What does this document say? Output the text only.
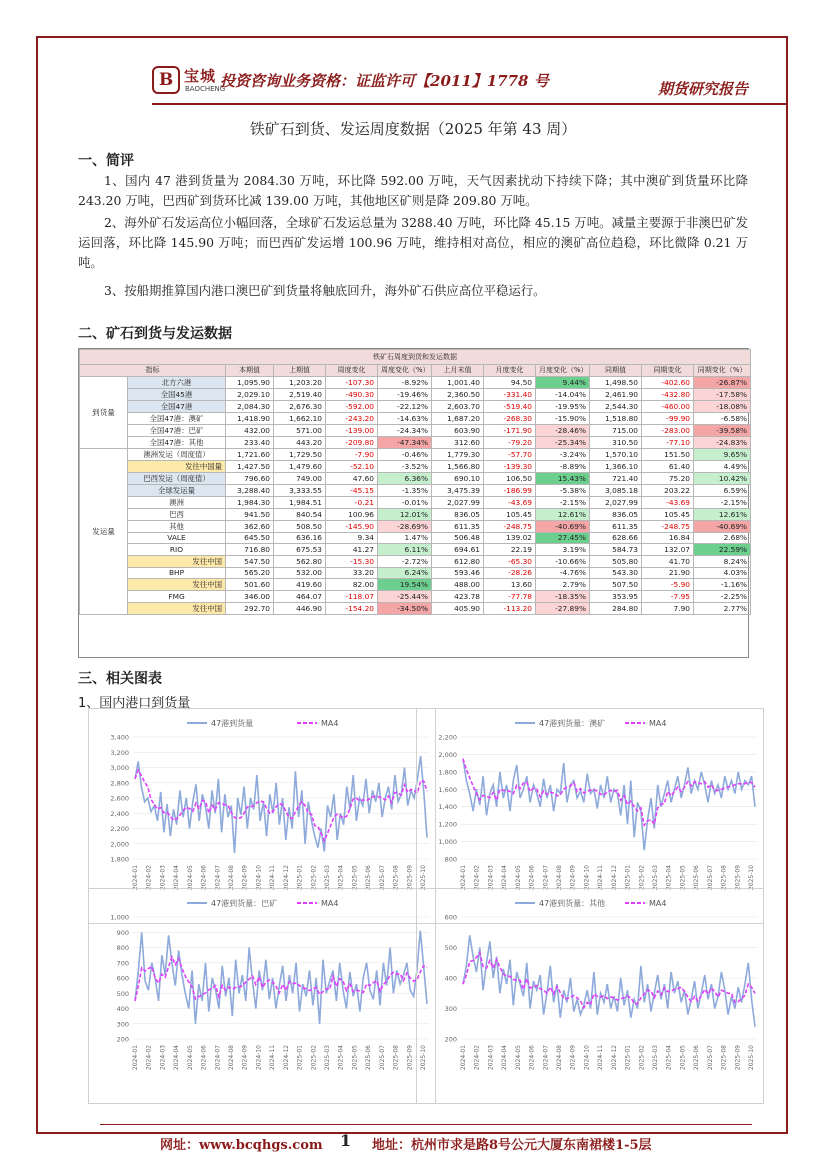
B 宝城
BAOCHENG
投资咨询业务资格：证监许可【2011】1778 号	期货研究报告
铁矿石到货、发运周度数据（2025 年第 43 周）
一、简评
1、国内 47 港到货量为 2084.30 万吨，环比降 592.00 万吨，天气因素扰动下持续下降；其中澳矿到货量环比降 243.20 万吨，巴西矿到货环比减 139.00 万吨，其他地区矿则是降 209.80 万吨。
2、海外矿石发运高位小幅回落，全球矿石发运总量为 3288.40 万吨，环比降 45.15 万吨。减量主要源于非澳巴矿发运回落，环比降 145.90 万吨；而巴西矿发运增 100.96 万吨，维持相对高位，相应的澳矿高位趋稳，环比微降 0.21 万吨。
3、按船期推算国内港口澳巴矿到货量将触底回升，海外矿石供应高位平稳运行。
二、矿石到货与发运数据
铁矿石周度到货和发运数据											
指标		本期值	上期值	周度变化	周度变化（%）	上月末值	月度变化	月度变化（%）	同期值	同期变化	同期变化（%）
到货量	北方六港	1,095.90	1,203.20	-107.30	-8.92%	1,001.40	94.50	9.44%	1,498.50	-402.60	-26.87%
	全国45港	2,029.10	2,519.40	-490.30	-19.46%	2,360.50	-331.40	-14.04%	2,461.90	-432.80	-17.58%
	全国47港	2,084.30	2,676.30	-592.00	-22.12%	2,603.70	-519.40	-19.95%	2,544.30	-460.00	-18.08%
	全国47港：澳矿	1,418.90	1,662.10	-243.20	-14.63%	1,687.20	-268.30	-15.90%	1,518.80	-99.90	-6.58%
	全国47港：巴矿	432.00	571.00	-139.00	-24.34%	603.90	-171.90	-28.46%	715.00	-283.00	-39.58%
	全国47港：其他	233.40	443.20	-209.80	-47.34%	312.60	-79.20	-25.34%	310.50	-77.10	-24.83%
发运量	澳洲发运（周度值）	1,721.60	1,729.50	-7.90	-0.46%	1,779.30	-57.70	-3.24%	1,570.10	151.50	9.65%
	发往中国量	1,427.50	1,479.60	-52.10	-3.52%	1,566.80	-139.30	-8.89%	1,366.10	61.40	4.49%
	巴西发运（周度值）	796.60	749.00	47.60	6.36%	690.10	106.50	15.43%	721.40	75.20	10.42%
	全球发运量	3,288.40	3,333.55	-45.15	-1.35%	3,475.39	-186.99	-5.38%	3,085.18	203.22	6.59%
	澳洲	1,984.30	1,984.51	-0.21	-0.01%	2,027.99	-43.69	-2.15%	2,027.99	-43.69	-2.15%
	巴西	941.50	840.54	100.96	12.01%	836.05	105.45	12.61%	836.05	105.45	12.61%
	其他	362.60	508.50	-145.90	-28.69%	611.35	-248.75	-40.69%	611.35	-248.75	-40.69%
	VALE	645.50	636.16	9.34	1.47%	506.48	139.02	27.45%	628.66	16.84	2.68%
	RIO	716.80	675.53	41.27	6.11%	694.61	22.19	3.19%	584.73	132.07	22.59%
	发往中国	547.50	562.80	-15.30	-2.72%	612.80	-65.30	-10.66%	505.80	41.70	8.24%
	BHP	565.20	532.00	33.20	6.24%	593.46	-28.26	-4.76%	543.30	21.90	4.03%
	发往中国	501.60	419.60	82.00	19.54%	488.00	13.60	2.79%	507.50	-5.90	-1.16%
	FMG	346.00	464.07	-118.07	-25.44%	423.78	-77.78	-18.35%	353.95	-7.95	-2.25%
	发往中国	292.70	446.90	-154.20	-34.50%	405.90	-113.20	-27.89%	284.80	7.90	2.77%
三、相关图表
1、国内港口到货量
47港到货量	MA4
3,400
3,200
3,000
2,800
2,600
2,400
2,200
2,000
1,800
2024-01 2024-02 2024-03 2024-04 2024-05 2024-06 2024-07 2024-08 2024-09 2024-10 2024-11 2024-12 2025-01 2025-02 2025-03 2025-04 2025-05 2025-06 2025-07 2025-08 2025-09 2025-10
47港到货量：澳矿	MA4
2,200
2,000
1,800
1,600
1,400
1,200
1,000
800
2024-01 2024-02 2024-03 2024-04 2024-05 2024-06 2024-07 2024-08 2024-09 2024-10 2024-11 2024-12 2025-01 2025-02 2025-03 2025-04 2025-05 2025-06 2025-07 2025-08 2025-09 2025-10
47港到货量：巴矿	MA4
1,000
900
800
700
600
500
400
300
200
2024-01 2024-02 2024-03 2024-04 2024-05 2024-06 2024-07 2024-08 2024-09 2024-10 2024-11 2024-12 2025-01 2025-02 2025-03 2025-04 2025-05 2025-06 2025-07 2025-08 2025-09 2025-10
47港到货量：其他	MA4
600
500
400
300
200
2024-01 2024-02 2024-03 2024-04 2024-05 2024-06 2024-07 2024-08 2024-09 2024-10 2024-11 2024-12 2025-01 2025-02 2025-03 2025-04 2025-05 2025-06 2025-07 2025-08 2025-09 2025-10
网址：www.bcqhgs.com 1 地址：杭州市求是路8号公元大厦东南裙楼1-5层
